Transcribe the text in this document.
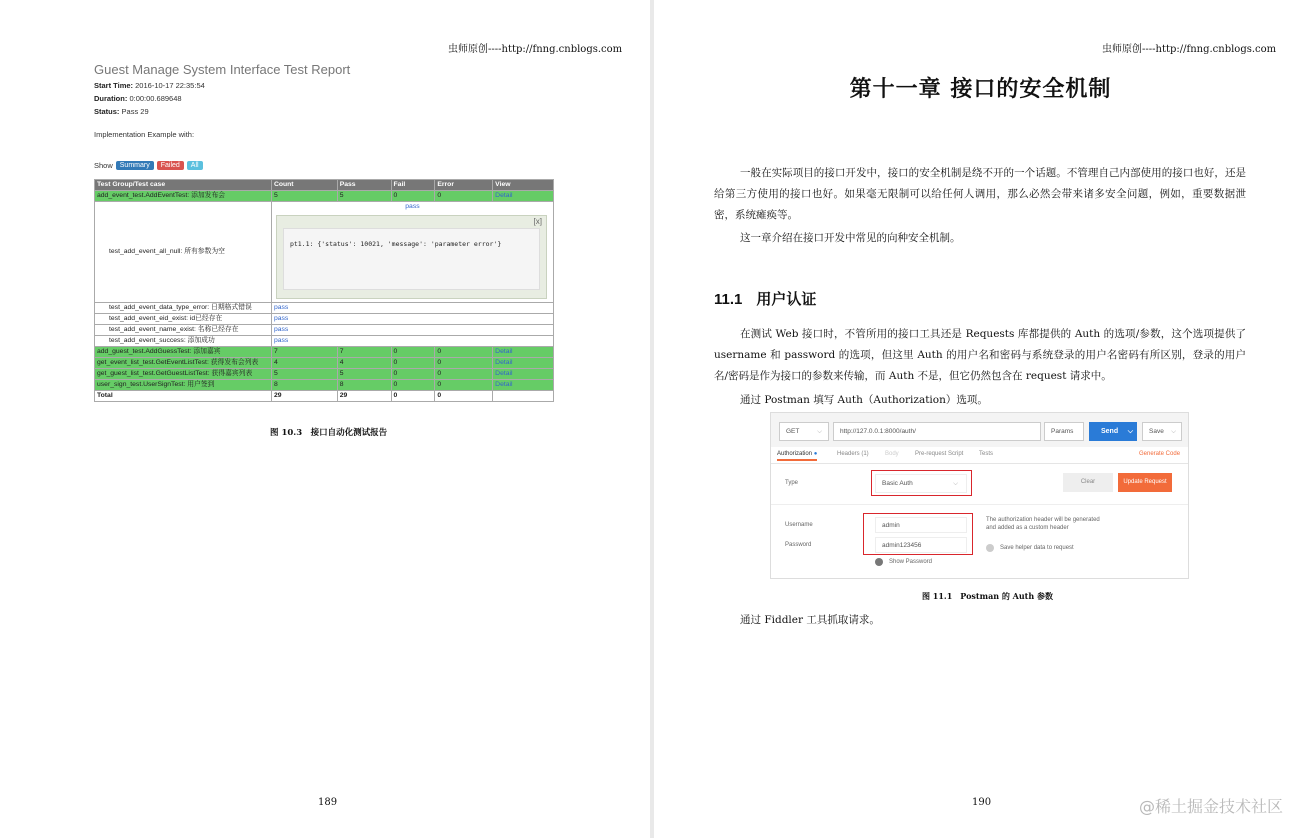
虫师原创----http://fnng.cnblogs.com
Guest Manage System Interface Test Report
Start Time: 2016-10-17 22:35:54
Duration: 0:00:00.689648
Status: Pass 29
Implementation Example with:
Show	Summary	Failed	All
Test Group/Test case	Count	Pass	Fail	Error	View
add_event_test.AddEventTest: 添加发布会	5	5	0	0	Detail
test_add_event_all_null: 所有参数为空	pass
[x]
pt1.1: {'status': 10021, 'message': 'parameter error'}				

test_add_event_data_type_error: 日期格式错误	pass				
test_add_event_eid_exist: id已经存在	pass				
test_add_event_name_exist: 名称已经存在	pass				
test_add_event_success: 添加成功	pass				
add_guest_test.AddGuessTest: 添加嘉宾	7	7	0	0	Detail
get_event_list_test.GetEventListTest: 获得发布会列表	4	4	0	0	Detail
get_guest_list_test.GetGuestListTest: 获得嘉宾列表	5	5	0	0	Detail
user_sign_test.UserSignTest: 用户签到	8	8	0	0	Detail
Total	29	29	0	0	
图 10.3　接口自动化测试报告
189
虫师原创----http://fnng.cnblogs.com
第十一章 接口的安全机制
一般在实际项目的接口开发中，接口的安全机制是绕不开的一个话题。不管理自己内部使用的接口也好，还是给第三方使用的接口也好。如果毫无限制可以给任何人调用，那么必然会带来诸多安全问题，例如，重要数据泄密，系统瘫痪等。
这一章介绍在接口开发中常见的向种安全机制。
11.1 用户认证
在测试 Web 接口时，不管所用的接口工具还是 Requests 库都提供的 Auth 的选项/参数，这个选项提供了 username 和 password 的选项，但这里 Auth 的用户名和密码与系统登录的用户名密码有所区别，登录的用户名/密码是作为接口的参数来传输，而 Auth 不是，但它仍然包含在 request 请求中。
通过 Postman 填写 Auth（Authorization）选项。
GET	⌵	http://127.0.0.1:8000/auth/	Params	Send	⌵	Save ⌵
Authorization ●	Headers (1)	Body	Pre-request Script	Tests	Generate Code
Type	Basic Auth	⌵	Clear	Update Request
Username	admin
Password	admin123456
The authorization header will be generated
and added as a custom header
Save helper data to request
Show Password
图 11.1　Postman 的 Auth 参数
通过 Fiddler 工具抓取请求。
190	@稀土掘金技术社区
